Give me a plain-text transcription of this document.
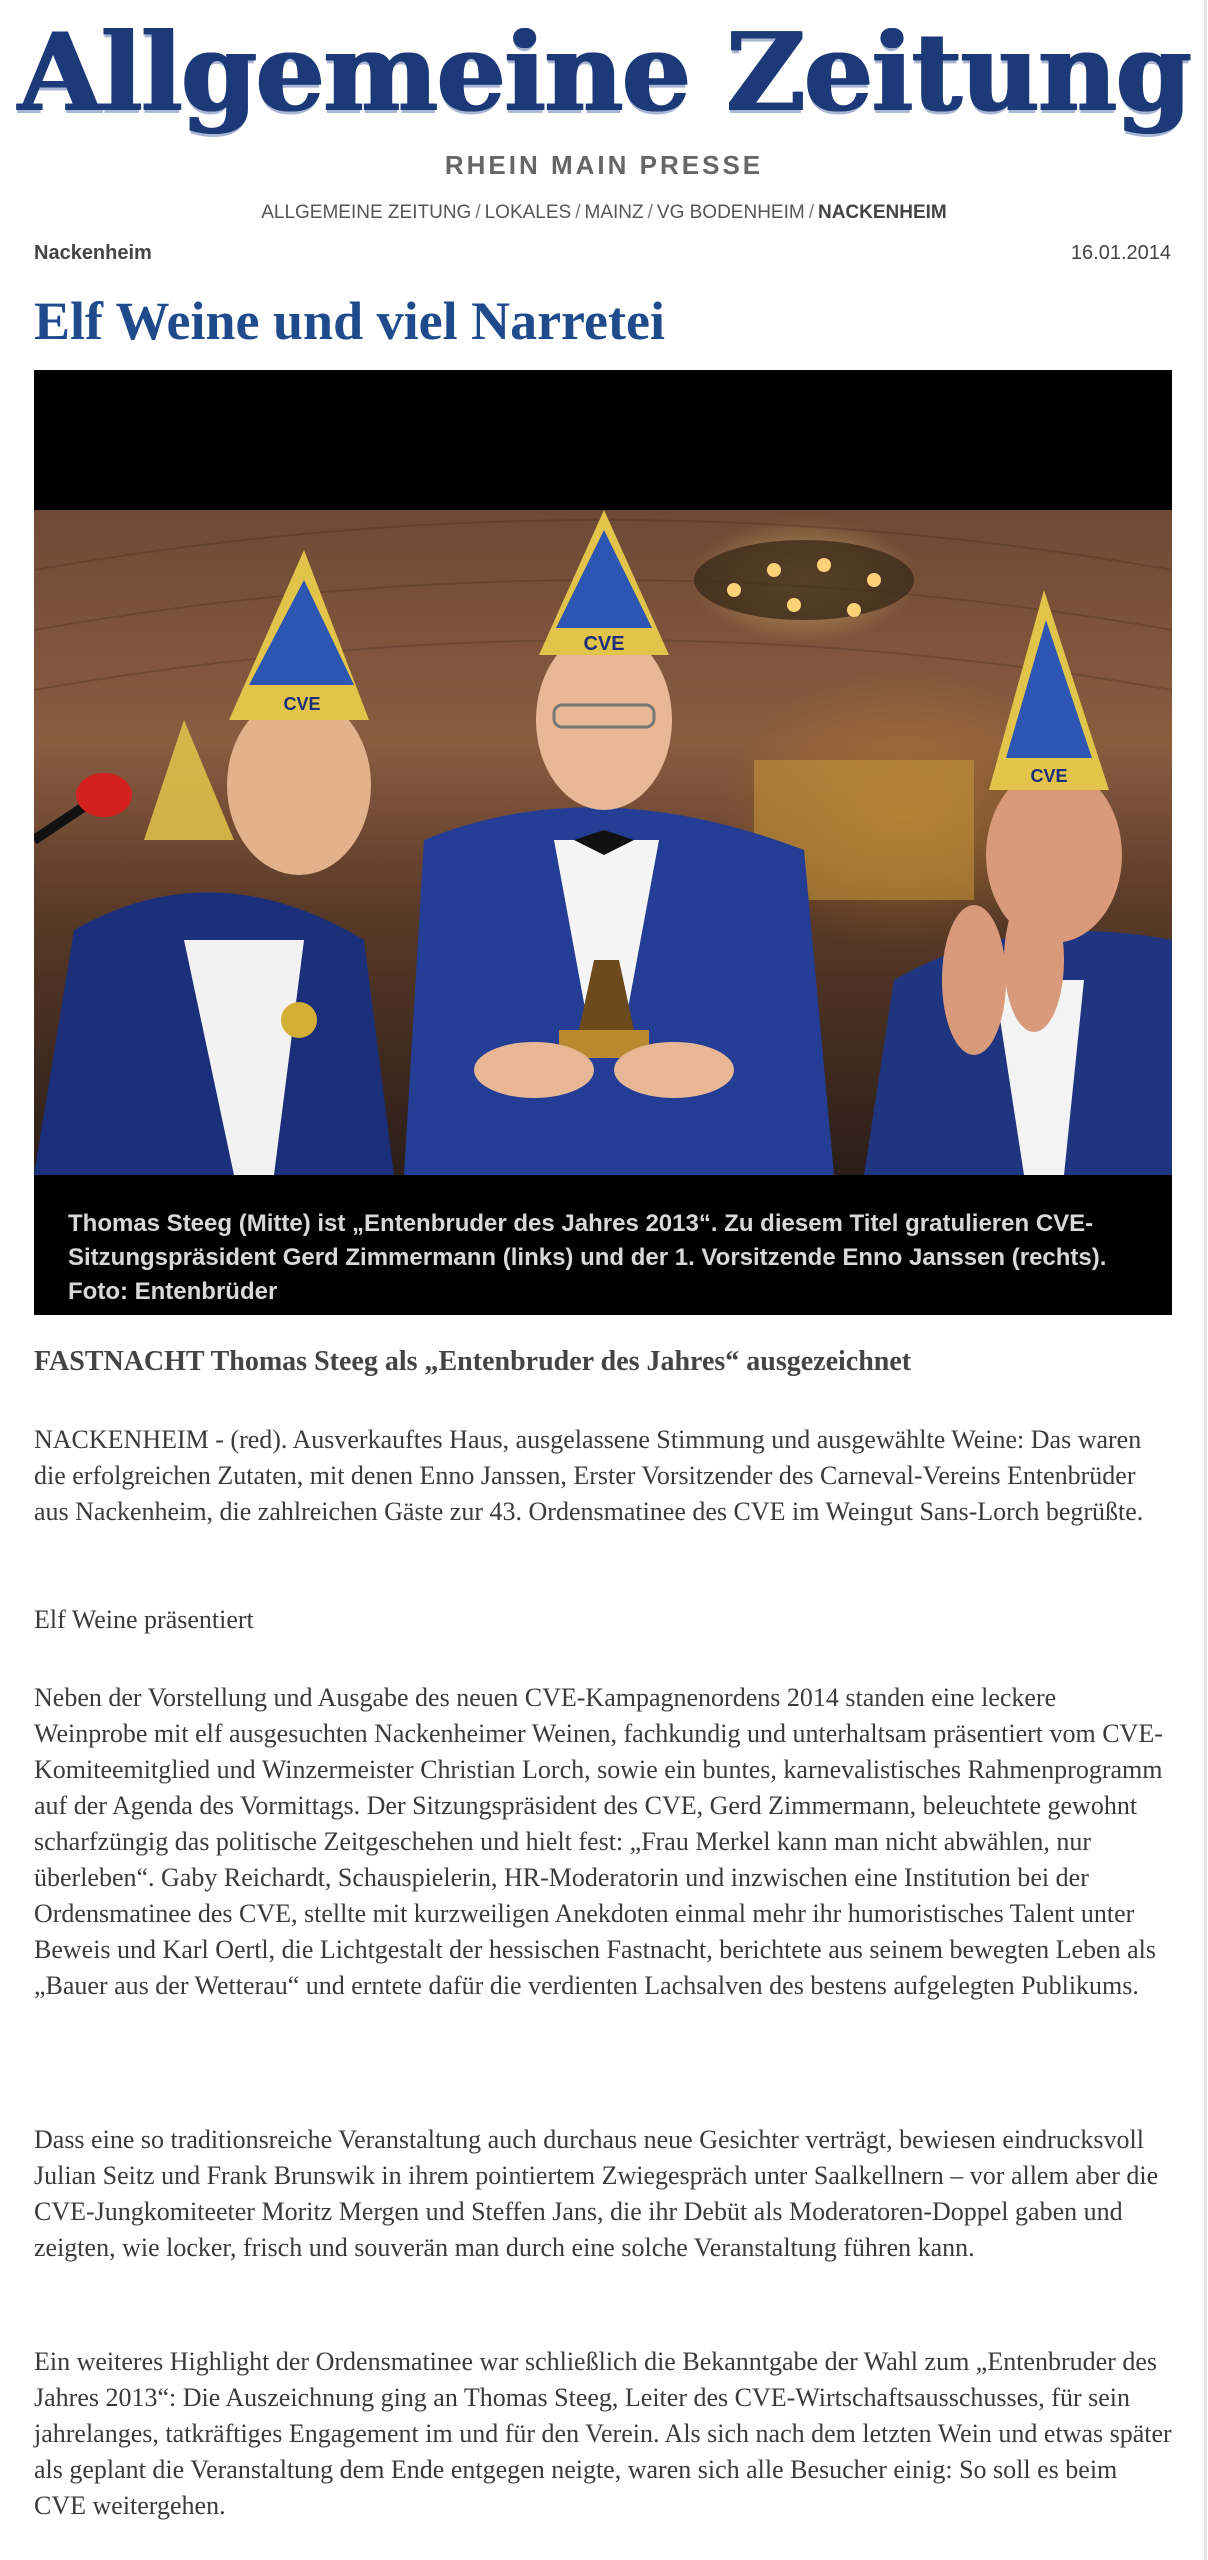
Allgemeine Zeitung
RHEIN MAIN PRESSE
ALLGEMEINE ZEITUNG / LOKALES / MAINZ / VG BODENHEIM / NACKENHEIM
Nackenheim	16.01.2014
Elf Weine und viel Narretei
CVE
CVE
CVE
Thomas Steeg (Mitte) ist „Entenbruder des Jahres 2013“. Zu diesem Titel gratulieren CVE-Sitzungspräsident Gerd Zimmermann (links) und der 1. Vorsitzende Enno Janssen (rechts). Foto: Entenbrüder
FASTNACHT Thomas Steeg als „Entenbruder des Jahres“ ausgezeichnet

NACKENHEIM - (red). Ausverkauftes Haus, ausgelassene Stimmung und ausgewählte Weine: Das waren die erfolgreichen Zutaten, mit denen Enno Janssen, Erster Vorsitzender des Carneval-Vereins Entenbrüder aus Nackenheim, die zahlreichen Gäste zur 43. Ordensmatinee des CVE im Weingut Sans-Lorch begrüßte.

Elf Weine präsentiert

Neben der Vorstellung und Ausgabe des neuen CVE-Kampagnenordens 2014 standen eine leckere Weinprobe mit elf ausgesuchten Nackenheimer Weinen, fachkundig und unterhaltsam präsentiert vom CVE-Komiteemitglied und Winzermeister Christian Lorch, sowie ein buntes, karnevalistisches Rahmenprogramm auf der Agenda des Vormittags. Der Sitzungspräsident des CVE, Gerd Zimmermann, beleuchtete gewohnt scharfzüngig das politische Zeitgeschehen und hielt fest: „Frau Merkel kann man nicht abwählen, nur überleben“. Gaby Reichardt, Schauspielerin, HR-Moderatorin und inzwischen eine Institution bei der Ordensmatinee des CVE, stellte mit kurzweiligen Anekdoten einmal mehr ihr humoristisches Talent unter Beweis und Karl Oertl, die Lichtgestalt der hessischen Fastnacht, berichtete aus seinem bewegten Leben als „Bauer aus der Wetterau“ und erntete dafür die verdienten Lachsalven des bestens aufgelegten Publikums.

Dass eine so traditionsreiche Veranstaltung auch durchaus neue Gesichter verträgt, bewiesen eindrucksvoll Julian Seitz und Frank Brunswik in ihrem pointiertem Zwiegespräch unter Saalkellnern – vor allem aber die CVE-Jungkomiteeter Moritz Mergen und Steffen Jans, die ihr Debüt als Moderatoren-Doppel gaben und zeigten, wie locker, frisch und souverän man durch eine solche Veranstaltung führen kann.

Ein weiteres Highlight der Ordensmatinee war schließlich die Bekanntgabe der Wahl zum „Entenbruder des Jahres 2013“: Die Auszeichnung ging an Thomas Steeg, Leiter des CVE-Wirtschaftsausschusses, für sein jahrelanges, tatkräftiges Engagement im und für den Verein. Als sich nach dem letzten Wein und etwas später als geplant die Veranstaltung dem Ende entgegen neigte, waren sich alle Besucher einig: So soll es beim CVE weitergehen.
